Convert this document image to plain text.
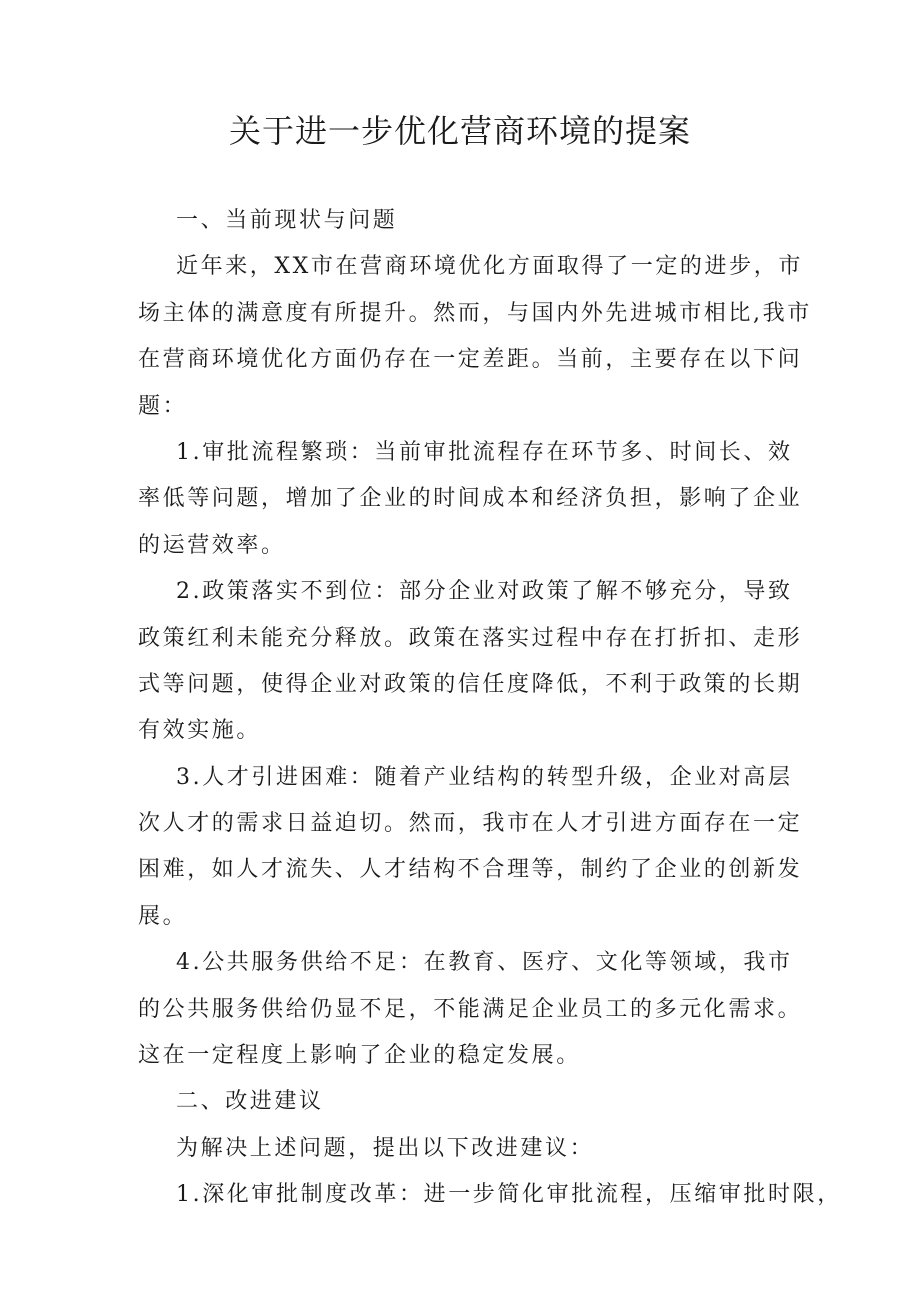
关于进一步优化营商环境的提案
一、当前现状与问题
近年来，XX市在营商环境优化方面取得了一定的进步，市
场主体的满意度有所提升。然而，与国内外先进城市相比,我市
在营商环境优化方面仍存在一定差距。当前，主要存在以下问
题：
1.审批流程繁琐：当前审批流程存在环节多、时间长、效
率低等问题，增加了企业的时间成本和经济负担，影响了企业
的运营效率。
2.政策落实不到位：部分企业对政策了解不够充分，导致
政策红利未能充分释放。政策在落实过程中存在打折扣、走形
式等问题，使得企业对政策的信任度降低，不利于政策的长期
有效实施。
3.人才引进困难：随着产业结构的转型升级，企业对高层
次人才的需求日益迫切。然而，我市在人才引进方面存在一定
困难，如人才流失、人才结构不合理等，制约了企业的创新发
展。
4.公共服务供给不足：在教育、医疗、文化等领域，我市
的公共服务供给仍显不足，不能满足企业员工的多元化需求。
这在一定程度上影响了企业的稳定发展。
二、改进建议
为解决上述问题，提出以下改进建议：
1.深化审批制度改革：进一步简化审批流程，压缩审批时限，
